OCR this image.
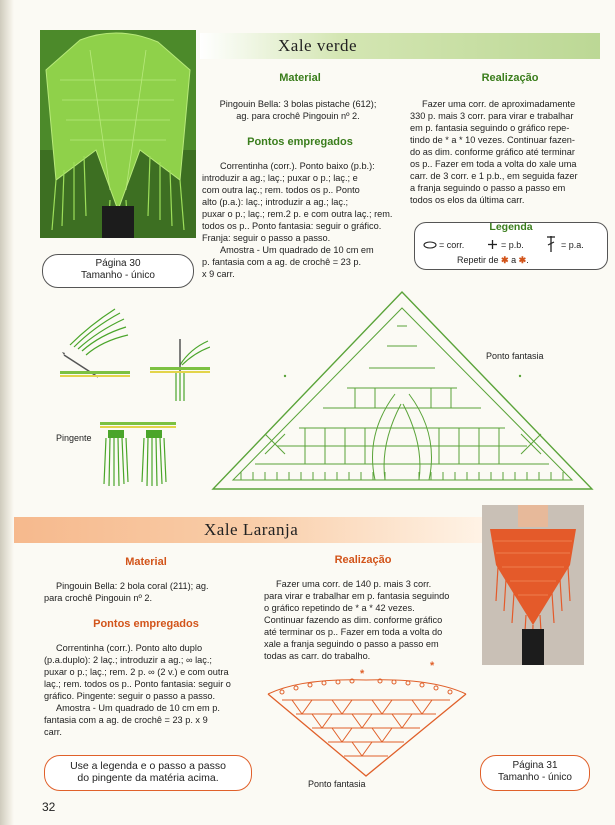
Xale verde
Material
Pingouin Bella: 3 bolas pistache (612);
ag. para crochê Pingouin nº 2.
Pontos empregados
Correntinha (corr.). Ponto baixo (p.b.):
introduzir a ag.; laç.; puxar o p.; laç.; e
com outra laç.; rem. todos os p.. Ponto
alto (p.a.): laç.; introduzir a ag.; laç.;
puxar o p.; laç.; rem.2 p. e com outra laç.; rem.
todos os p.. Ponto fantasia: seguir o gráfico.
Franja: seguir o passo a passo.
Amostra - Um quadrado de 10 cm em
p. fantasia com a ag. de crochê = 23 p.
x 9 carr.
Realização
Fazer uma corr. de aproximadamente
330 p. mais 3 corr. para virar e trabalhar
em p. fantasia seguindo o gráfico repe-
tindo de * a * 10 vezes. Continuar fazen-
do as dim. conforme gráfico até terminar
os p.. Fazer em toda a volta do xale uma
carr. de 3 corr. e 1 p.b., em seguida fazer
a franja seguindo o passo a passo em
todos os elos da última carr.
Legenda
= corr.	= p.b.	= p.a.
Repetir de ✱ a ✱.
Página 30
Tamanho - único
Pingente
Ponto fantasia
Xale Laranja
Material
Pingouin Bella: 2 bola coral (211); ag.
para crochê Pingouin nº 2.
Pontos empregados
Correntinha (corr.). Ponto alto duplo
(p.a.duplo): 2 laç.; introduzir a ag.; ∞ laç.;
puxar o p.; laç.; rem. 2 p. ∞ (2 v.) e com outra
laç.; rem. todos os p.. Ponto fantasia: seguir o
gráfico. Pingente: seguir o passo a passo.
Amostra - Um quadrado de 10 cm em p.
fantasia com a ag. de crochê = 23 p. x 9
carr.
Realização
Fazer uma corr. de 140 p. mais 3 corr.
para virar e trabalhar em p. fantasia seguindo
o gráfico repetindo de * a * 42 vezes.
Continuar fazendo as dim. conforme gráfico
até terminar os p.. Fazer em toda a volta do
xale a franja seguindo o passo a passo em
todas as carr. do trabalho.
*
*
Ponto fantasia
Use a legenda e o passo a passo
do pingente da matéria acima.
Página 31
Tamanho - único
32
